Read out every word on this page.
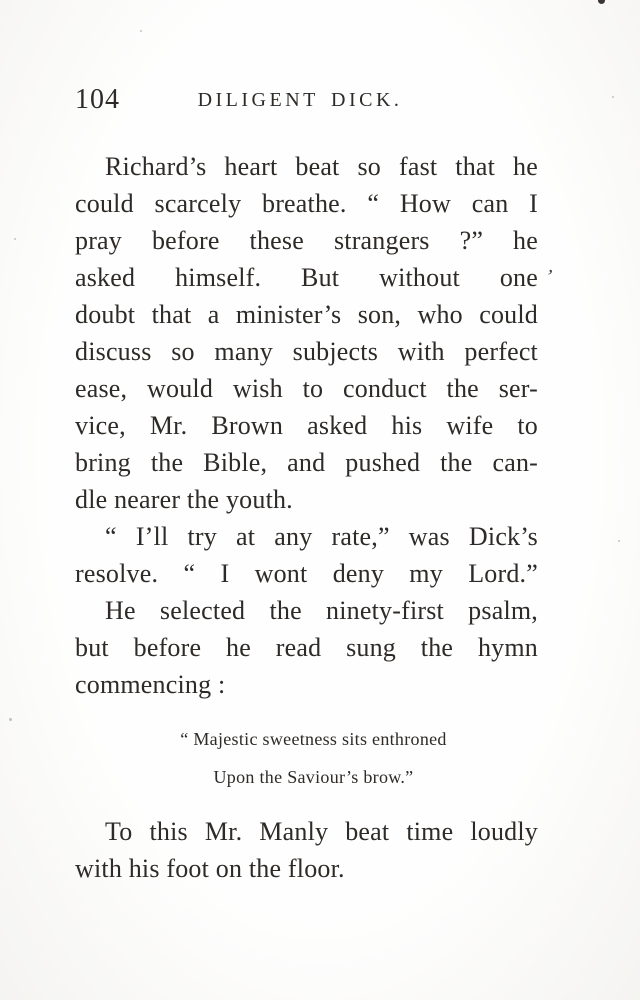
104	DILIGENT DICK.
Richard’s heart beat so fast that he
could scarcely breathe. “ How can I
pray before these strangers ?” he
asked himself. But without one
doubt that a minister’s son, who could
discuss so many subjects with perfect
ease, would wish to conduct the ser-
vice, Mr. Brown asked his wife to
bring the Bible, and pushed the can-
dle nearer the youth.
“ I’ll try at any rate,” was Dick’s
resolve. “ I wont deny my Lord.”
He selected the ninety-first psalm,
but before he read sung the hymn
commencing :
“ Majestic sweetness sits enthroned
Upon the Saviour’s brow.”
To this Mr. Manly beat time loudly
with his foot on the floor.
’
